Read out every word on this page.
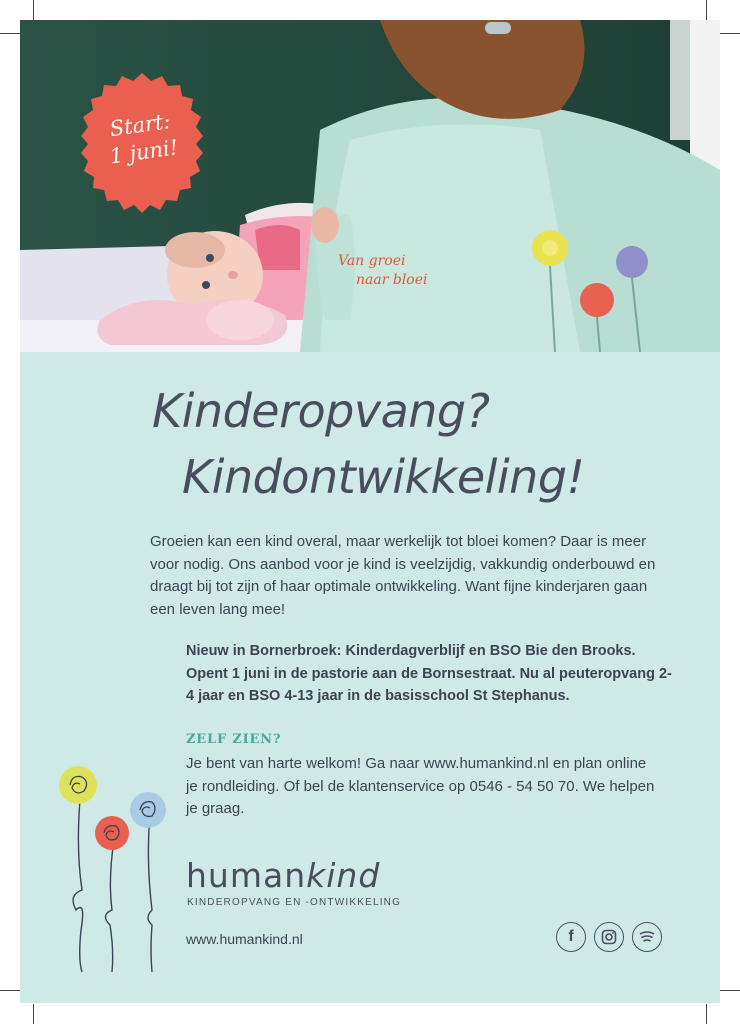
Start:
1 juni!
Van groei
naar bloei
Kinderopvang?
Kindontwikkeling!
Groeien kan een kind overal, maar werkelijk tot bloei komen? Daar is meer voor nodig. Ons aanbod voor je kind is veelzijdig, vakkundig onderbouwd en draagt bij tot zijn of haar optimale ontwikkeling. Want fijne kinderjaren gaan een leven lang mee!
Nieuw in Bornerbroek: Kinderdagverblijf en BSO Bie den Brooks. Opent 1 juni in de pastorie aan de Bornsestraat. Nu al peuteropvang 2-4 jaar en BSO 4-13 jaar in de basisschool St Stephanus.
ZELF ZIEN?
Je bent van harte welkom! Ga naar www.humankind.nl en plan online je rondleiding. Of bel de klantenservice op 0546 - 54 50 70. We helpen je graag.
humankind
KINDEROPVANG EN -ONTWIKKELING
www.humankind.nl	f
